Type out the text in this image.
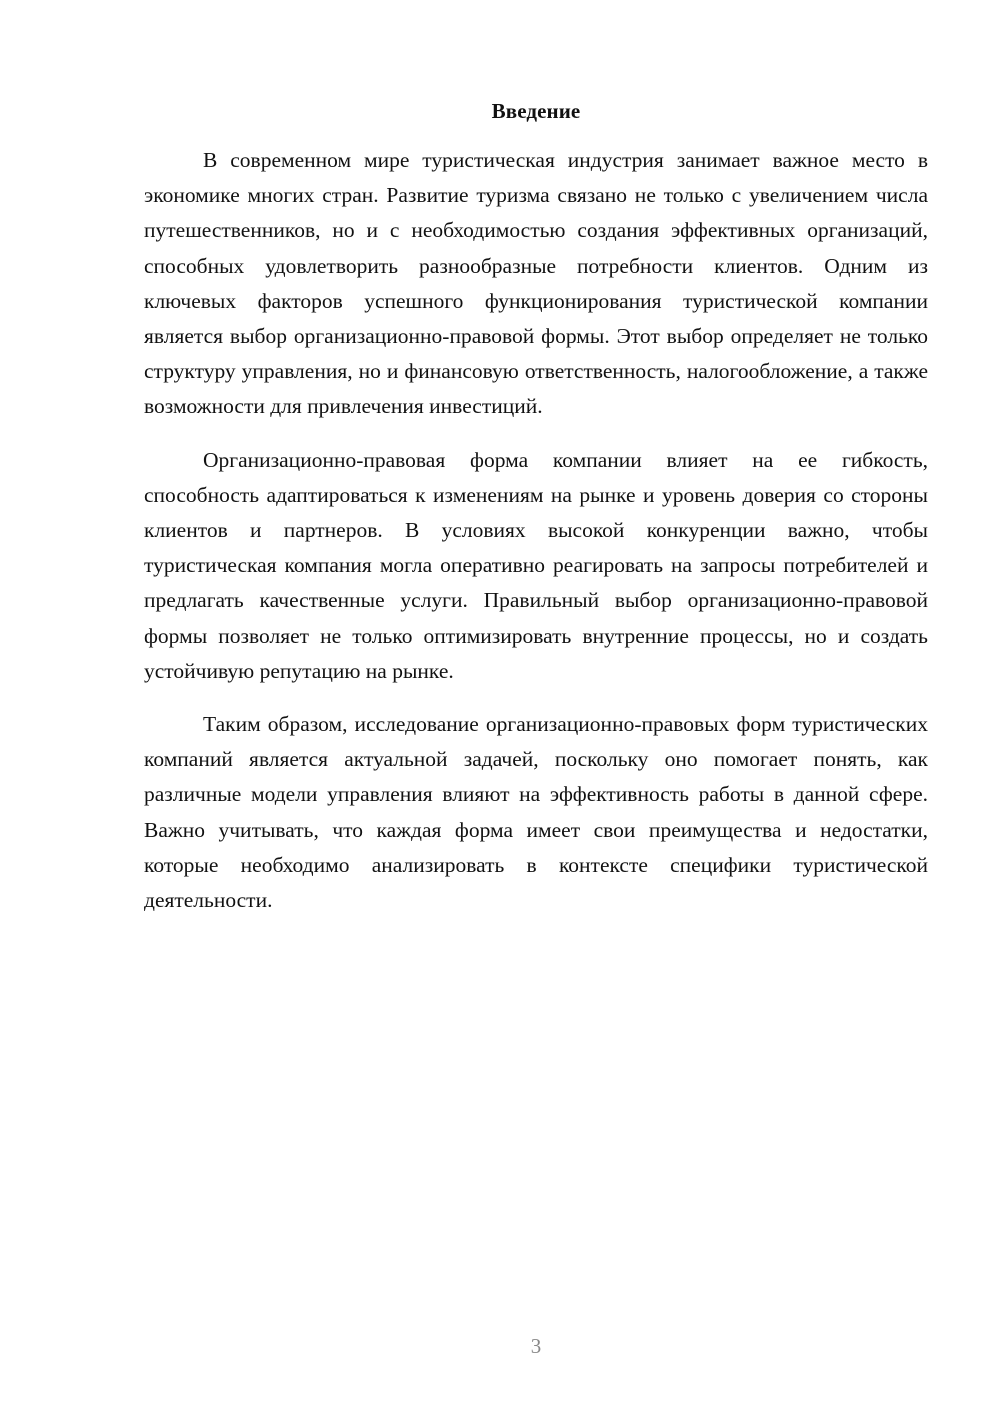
Введение

В современном мире туристическая индустрия занимает важное место в экономике многих стран. Развитие туризма связано не только с увеличением числа путешественников, но и с необходимостью создания эффективных организаций, способных удовлетворить разнообразные потребности клиентов. Одним из ключевых факторов успешного функционирования туристической компании является выбор организационно-правовой формы. Этот выбор определяет не только структуру управления, но и финансовую ответственность, налогообложение, а также возможности для привлечения инвестиций.

Организационно-правовая форма компании влияет на ее гибкость, способность адаптироваться к изменениям на рынке и уровень доверия со стороны клиентов и партнеров. В условиях высокой конкуренции важно, чтобы туристическая компания могла оперативно реагировать на запросы потребителей и предлагать качественные услуги. Правильный выбор организационно-правовой формы позволяет не только оптимизировать внутренние процессы, но и создать устойчивую репутацию на рынке.

Таким образом, исследование организационно-правовых форм туристических компаний является актуальной задачей, поскольку оно помогает понять, как различные модели управления влияют на эффективность работы в данной сфере. Важно учитывать, что каждая форма имеет свои преимущества и недостатки, которые необходимо анализировать в контексте специфики туристической деятельности.

3
